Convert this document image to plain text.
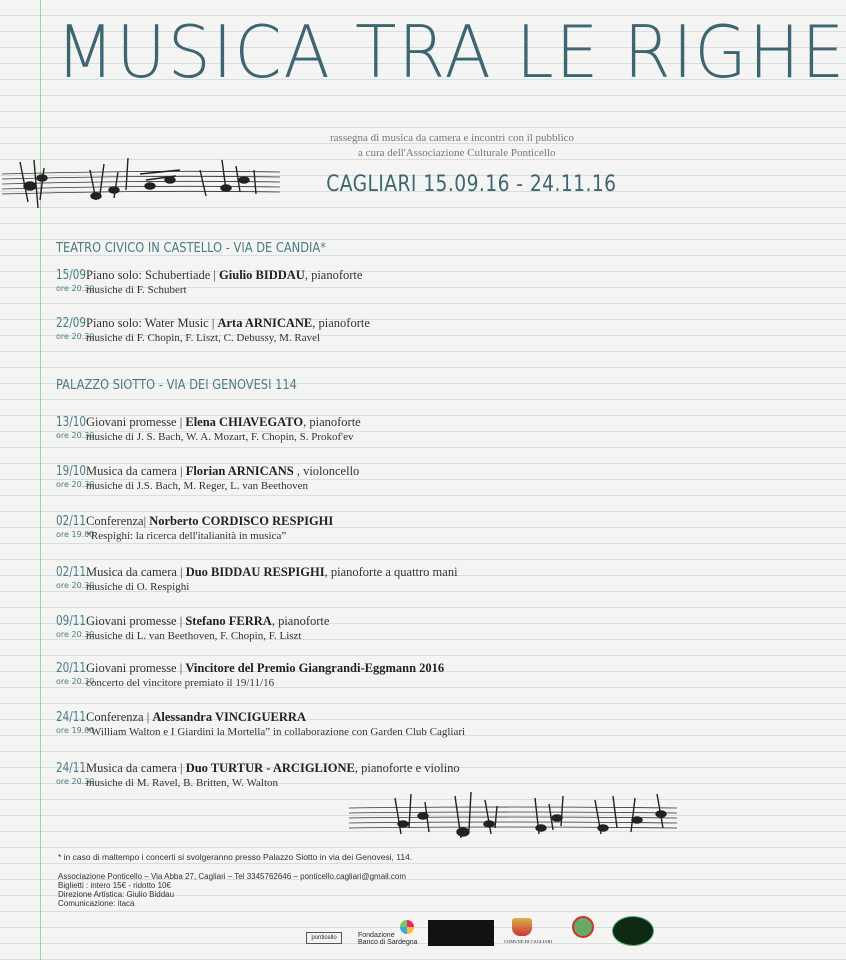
MUSICA TRA LE RIGHE
rassegna di musica da camera e incontri con il pubblico
a cura dell'Associazione Culturale Ponticello
CAGLIARI 15.09.16 - 24.11.16
TEATRO CIVICO IN CASTELLO - VIA DE CANDIA*
15/09
ore 20.30
Piano solo: Schubertiade | Giulio BIDDAU, pianoforte
musiche di F. Schubert
22/09
ore 20.30
Piano solo: Water Music | Arta ARNICANE, pianoforte
musiche di F. Chopin, F. Liszt, C. Debussy, M. Ravel
PALAZZO SIOTTO - VIA DEI GENOVESI 114
13/10
ore 20.30
Giovani promesse | Elena CHIAVEGATO, pianoforte
musiche di J. S. Bach, W. A. Mozart, F. Chopin, S. Prokof'ev
19/10
ore 20.30
Musica da camera | Florian ARNICANS , violoncello
musiche di J.S. Bach, M. Reger, L. van Beethoven
02/11
ore 19.00
Conferenza| Norberto CORDISCO RESPIGHI
“Respighi: la ricerca dell'italianità in musica”
02/11
ore 20.30
Musica da camera | Duo BIDDAU RESPIGHI, pianoforte a quattro mani
musiche di O. Respighi
09/11
ore 20.30
Giovani promesse | Stefano FERRA, pianoforte
musiche di L. van Beethoven, F. Chopin, F. Liszt
20/11
ore 20.30
Giovani promesse | Vincitore del Premio Giangrandi-Eggmann 2016
concerto del vincitore premiato il 19/11/16
24/11
ore 19.00
Conferenza | Alessandra VINCIGUERRA
“William Walton e I Giardini la Mortella” in collaborazione con Garden Club Cagliari
24/11
ore 20.30
Musica da camera | Duo TURTUR - ARCIGLIONE, pianoforte e violino
musiche di M. Ravel, B. Britten, W. Walton
* in caso di maltempo i concerti si svolgeranno presso Palazzo Siotto in via dei Genovesi, 114.
Associazione Ponticello – Via Abba 27, Cagliari – Tel 3345762646 – ponticello.cagliari@gmail.com
Biglietti : intero 15€ - ridotto 10€
Direzione Artistica: Giulio Biddau
Comunicazione: itaca
ponticello	Fondazione
Banco di Sardegna	COMUNE DI CAGLIARI
